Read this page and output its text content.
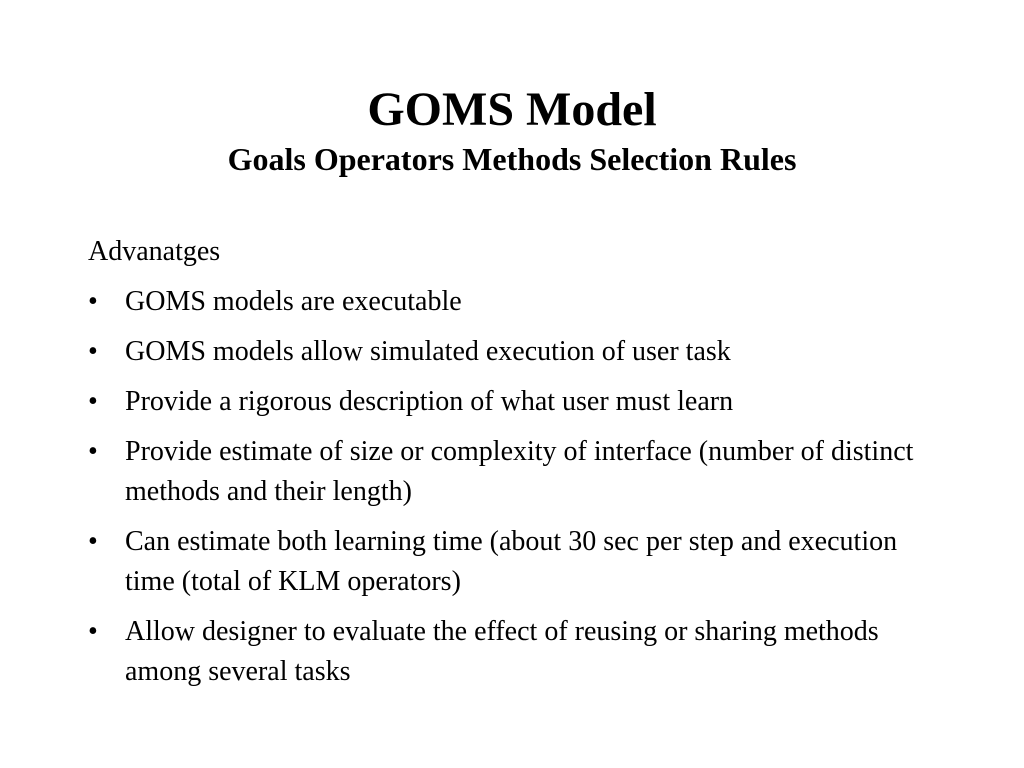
GOMS Model
Goals Operators Methods Selection Rules
Advanatges
• GOMS models are executable
• GOMS models allow simulated execution of user task
• Provide a rigorous description of what user must learn
• Provide estimate of size or complexity of interface (number of distinct methods and their length)
• Can estimate both learning time (about 30 sec per step and execution time (total of KLM operators)
• Allow designer to evaluate the effect of reusing or sharing methods among several tasks
